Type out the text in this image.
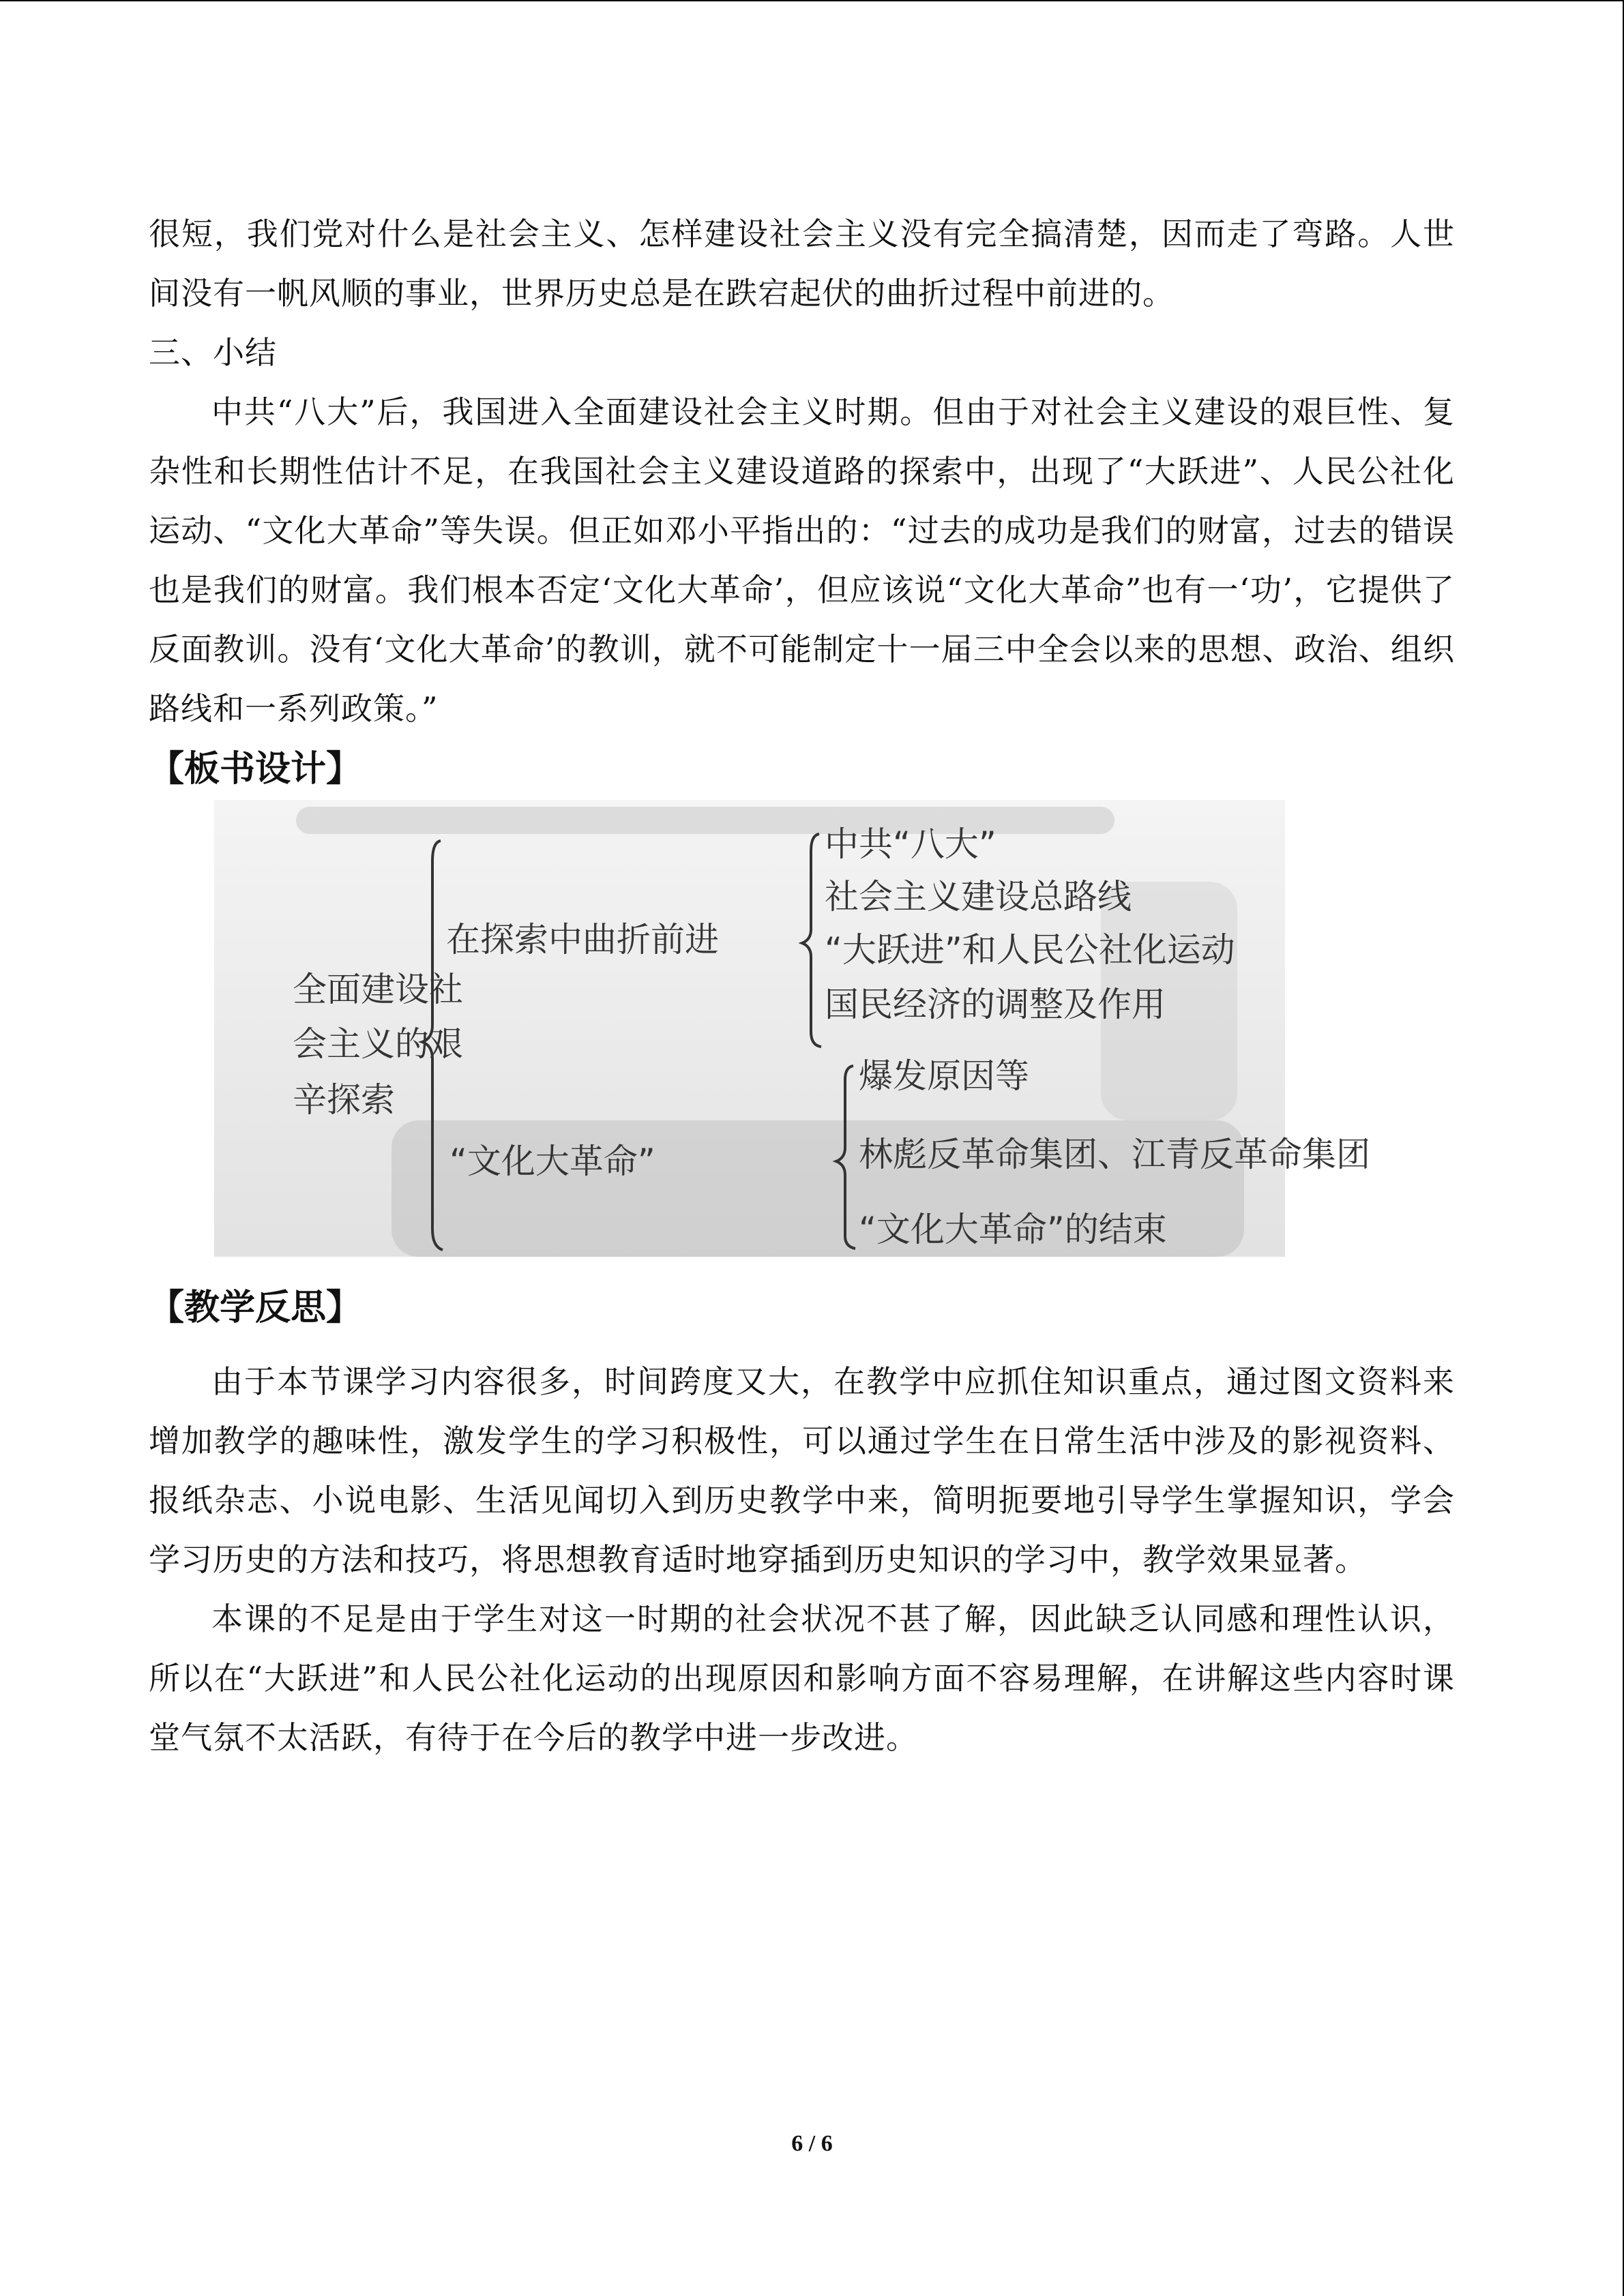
很短，我们党对什么是社会主义、怎样建设社会主义没有完全搞清楚，因而走了弯路。人世间没有一帆风顺的事业，世界历史总是在跌宕起伏的曲折过程中前进的。

三、小结

中共“八大”后，我国进入全面建设社会主义时期。但由于对社会主义建设的艰巨性、复杂性和长期性估计不足，在我国社会主义建设道路的探索中，出现了“大跃进”、人民公社化运动、“文化大革命”等失误。但正如邓小平指出的：“过去的成功是我们的财富，过去的错误也是我们的财富。我们根本否定‘文化大革命’，但应该说“文化大革命”也有一‘功’，它提供了反面教训。没有‘文化大革命’的教训，就不可能制定十一届三中全会以来的思想、政治、组织路线和一系列政策。”

【板书设计】

全面建设社
会主义的艰
辛探索
在探索中曲折前进
中共“八大”
社会主义建设总路线
“大跃进”和人民公社化运动
国民经济的调整及作用
“文化大革命”
爆发原因等
林彪反革命集团、江青反革命集团
“文化大革命”的结束

【教学反思】

由于本节课学习内容很多，时间跨度又大，在教学中应抓住知识重点，通过图文资料来增加教学的趣味性，激发学生的学习积极性，可以通过学生在日常生活中涉及的影视资料、报纸杂志、小说电影、生活见闻切入到历史教学中来，简明扼要地引导学生掌握知识，学会学习历史的方法和技巧，将思想教育适时地穿插到历史知识的学习中，教学效果显著。

本课的不足是由于学生对这一时期的社会状况不甚了解，因此缺乏认同感和理性认识，所以在“大跃进”和人民公社化运动的出现原因和影响方面不容易理解，在讲解这些内容时课堂气氛不太活跃，有待于在今后的教学中进一步改进。

6 / 6
